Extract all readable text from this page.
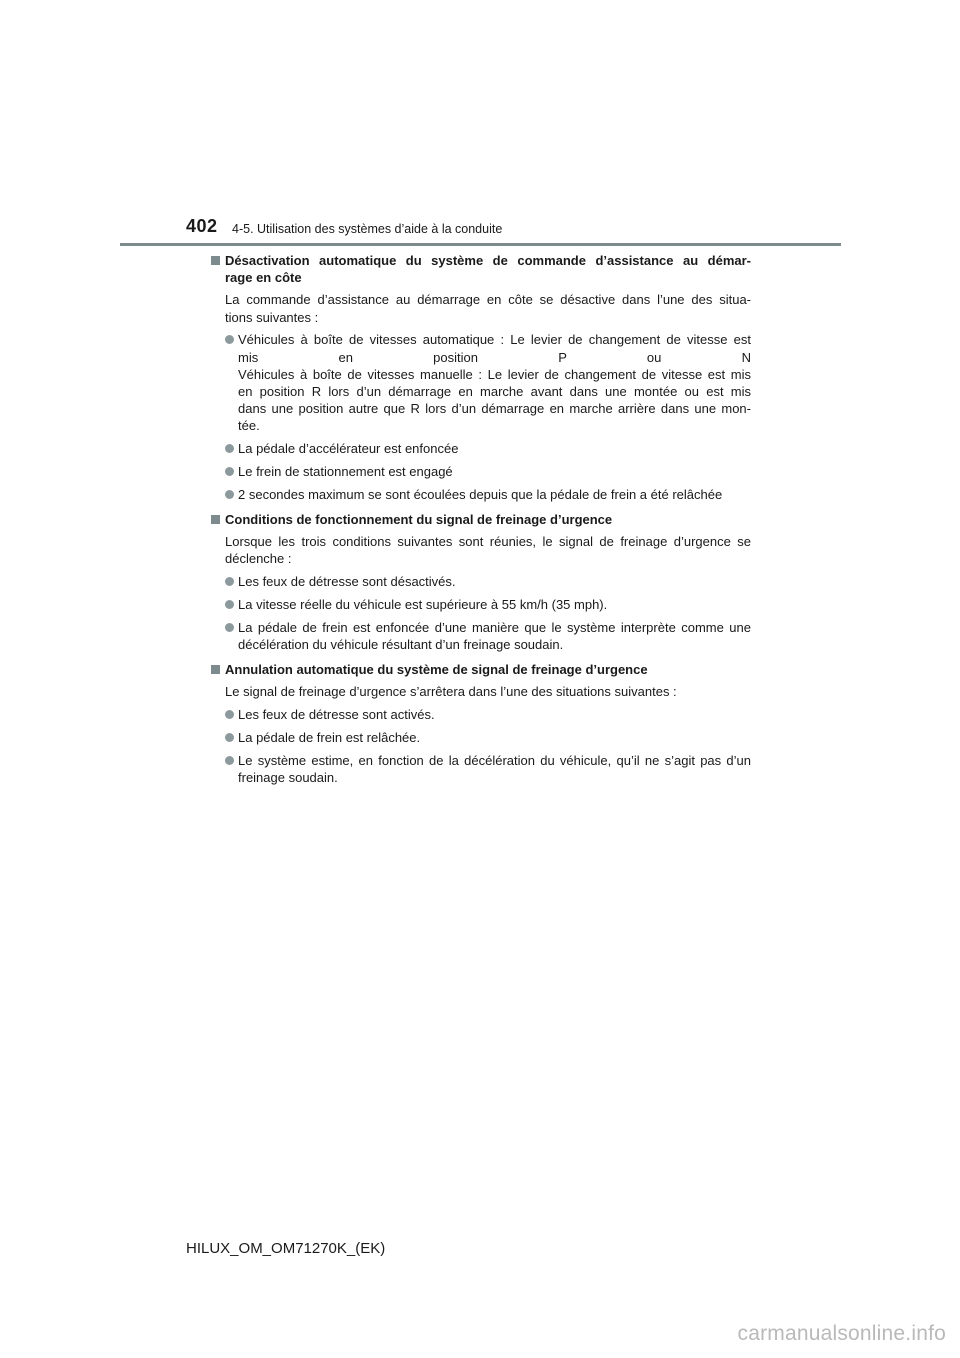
402 4-5. Utilisation des systèmes d’aide à la conduite
Désactivation automatique du système de commande d’assistance au démar-
rage en côte
La commande d’assistance au démarrage en côte se désactive dans l’une des situa-
tions suivantes :
Véhicules à boîte de vitesses automatique : Le levier de changement de vitesse est
mis en position P ou N
Véhicules à boîte de vitesses manuelle : Le levier de changement de vitesse est mis
en position R lors d’un démarrage en marche avant dans une montée ou est mis
dans une position autre que R lors d’un démarrage en marche arrière dans une mon-
tée.
La pédale d’accélérateur est enfoncée
Le frein de stationnement est engagé
2 secondes maximum se sont écoulées depuis que la pédale de frein a été relâchée
Conditions de fonctionnement du signal de freinage d’urgence
Lorsque les trois conditions suivantes sont réunies, le signal de freinage d’urgence se
déclenche :
Les feux de détresse sont désactivés.
La vitesse réelle du véhicule est supérieure à 55 km/h (35 mph).
La pédale de frein est enfoncée d’une manière que le système interprète comme une
décélération du véhicule résultant d’un freinage soudain.
Annulation automatique du système de signal de freinage d’urgence
Le signal de freinage d’urgence s’arrêtera dans l’une des situations suivantes :
Les feux de détresse sont activés.
La pédale de frein est relâchée.
Le système estime, en fonction de la décélération du véhicule, qu’il ne s’agit pas d’un
freinage soudain.
HILUX_OM_OM71270K_(EK)
carmanualsonline.info
